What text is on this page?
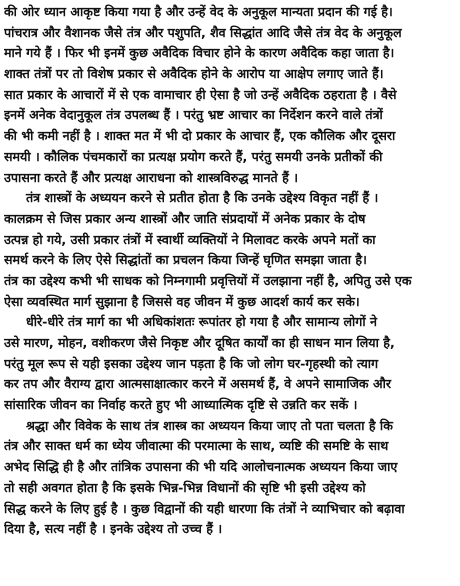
की ओर ध्यान आकृष्ट किया गया है और उन्हें वेद के अनुकूल मान्यता प्रदान की गई है।
पांचरात्र और वैशानक जैसे तंत्र और पशुपति, शैव सिद्धांत आदि जैसे तंत्र वेद के अनुकूल
माने गये हैं । फिर भी इनमें कुछ अवैदिक विचार होने के कारण अवैदिक कहा जाता है।
शाक्त तंत्रों पर तो विशेष प्रकार से अवैदिक होने के आरोप या आक्षेप लगाए जाते हैं।
सात प्रकार के आचारों में से एक वामाचार ही ऐसा है जो उन्हें अवैदिक ठहराता है । वैसे
इनमें अनेक वेदानुकूल तंत्र उपलब्ध हैं । परंतु भ्रष्ट आचार का निर्देशन करने वाले तंत्रों
की भी कमी नहीं है । शाक्त मत में भी दो प्रकार के आचार हैं, एक कौलिक और दूसरा
समयी । कौलिक पंचमकारों का प्रत्यक्ष प्रयोग करते हैं, परंतु समयी उनके प्रतीकों की
उपासना करते हैं और प्रत्यक्ष आराधना को शास्त्रविरुद्ध मानते हैं ।
तंत्र शास्त्रों के अध्ययन करने से प्रतीत होता है कि उनके उद्देश्य विकृत नहीं हैं ।
कालक्रम से जिस प्रकार अन्य शास्त्रों और जाति संप्रदायों में अनेक प्रकार के दोष
उत्पन्न हो गये, उसी प्रकार तंत्रों में स्वार्थी व्यक्तियों ने मिलावट करके अपने मतों का
समर्थ करने के लिए ऐसे सिद्धांतों का प्रचलन किया जिन्हें घृणित समझा जाता है।
तंत्र का उद्देश्य कभी भी साधक को निम्नगामी प्रवृत्तियों में उलझाना नहीं है, अपितु उसे एक
ऐसा व्यवस्थित मार्ग सुझाना है जिससे वह जीवन में कुछ आदर्श कार्य कर सके।
धीरे-धीरे तंत्र मार्ग का भी अधिकांशतः रूपांतर हो गया है और सामान्य लोगों ने
उसे मारण, मोहन, वशीकरण जैसे निकृष्ट और दूषित कार्यों का ही साधन मान लिया है,
परंतु मूल रूप से यही इसका उद्देश्य जान पड़ता है कि जो लोग घर-गृहस्थी को त्याग
कर तप और वैराग्य द्वारा आत्मसाक्षात्कार करने में असमर्थ हैं, वे अपने सामाजिक और
सांसारिक जीवन का निर्वाह करते हुए भी आध्यात्मिक दृष्टि से उन्नति कर सकें ।
श्रद्धा और विवेक के साथ तंत्र शास्त्र का अध्ययन किया जाए तो पता चलता है कि
तंत्र और साक्त धर्म का ध्येय जीवात्मा की परमात्मा के साथ, व्यष्टि की समष्टि के साथ
अभेद सिद्धि ही है और तांत्रिक उपासना की भी यदि आलोचनात्मक अध्ययन किया जाए
तो सही अवगत होता है कि इसके भिन्न-भिन्न विधानों की सृष्टि भी इसी उद्देश्य को
सिद्ध करने के लिए हुई है । कुछ विद्वानों की यही धारणा कि तंत्रों ने व्याभिचार को बढ़ावा
दिया है, सत्य नहीं है । इनके उद्देश्य तो उच्च हैं ।
